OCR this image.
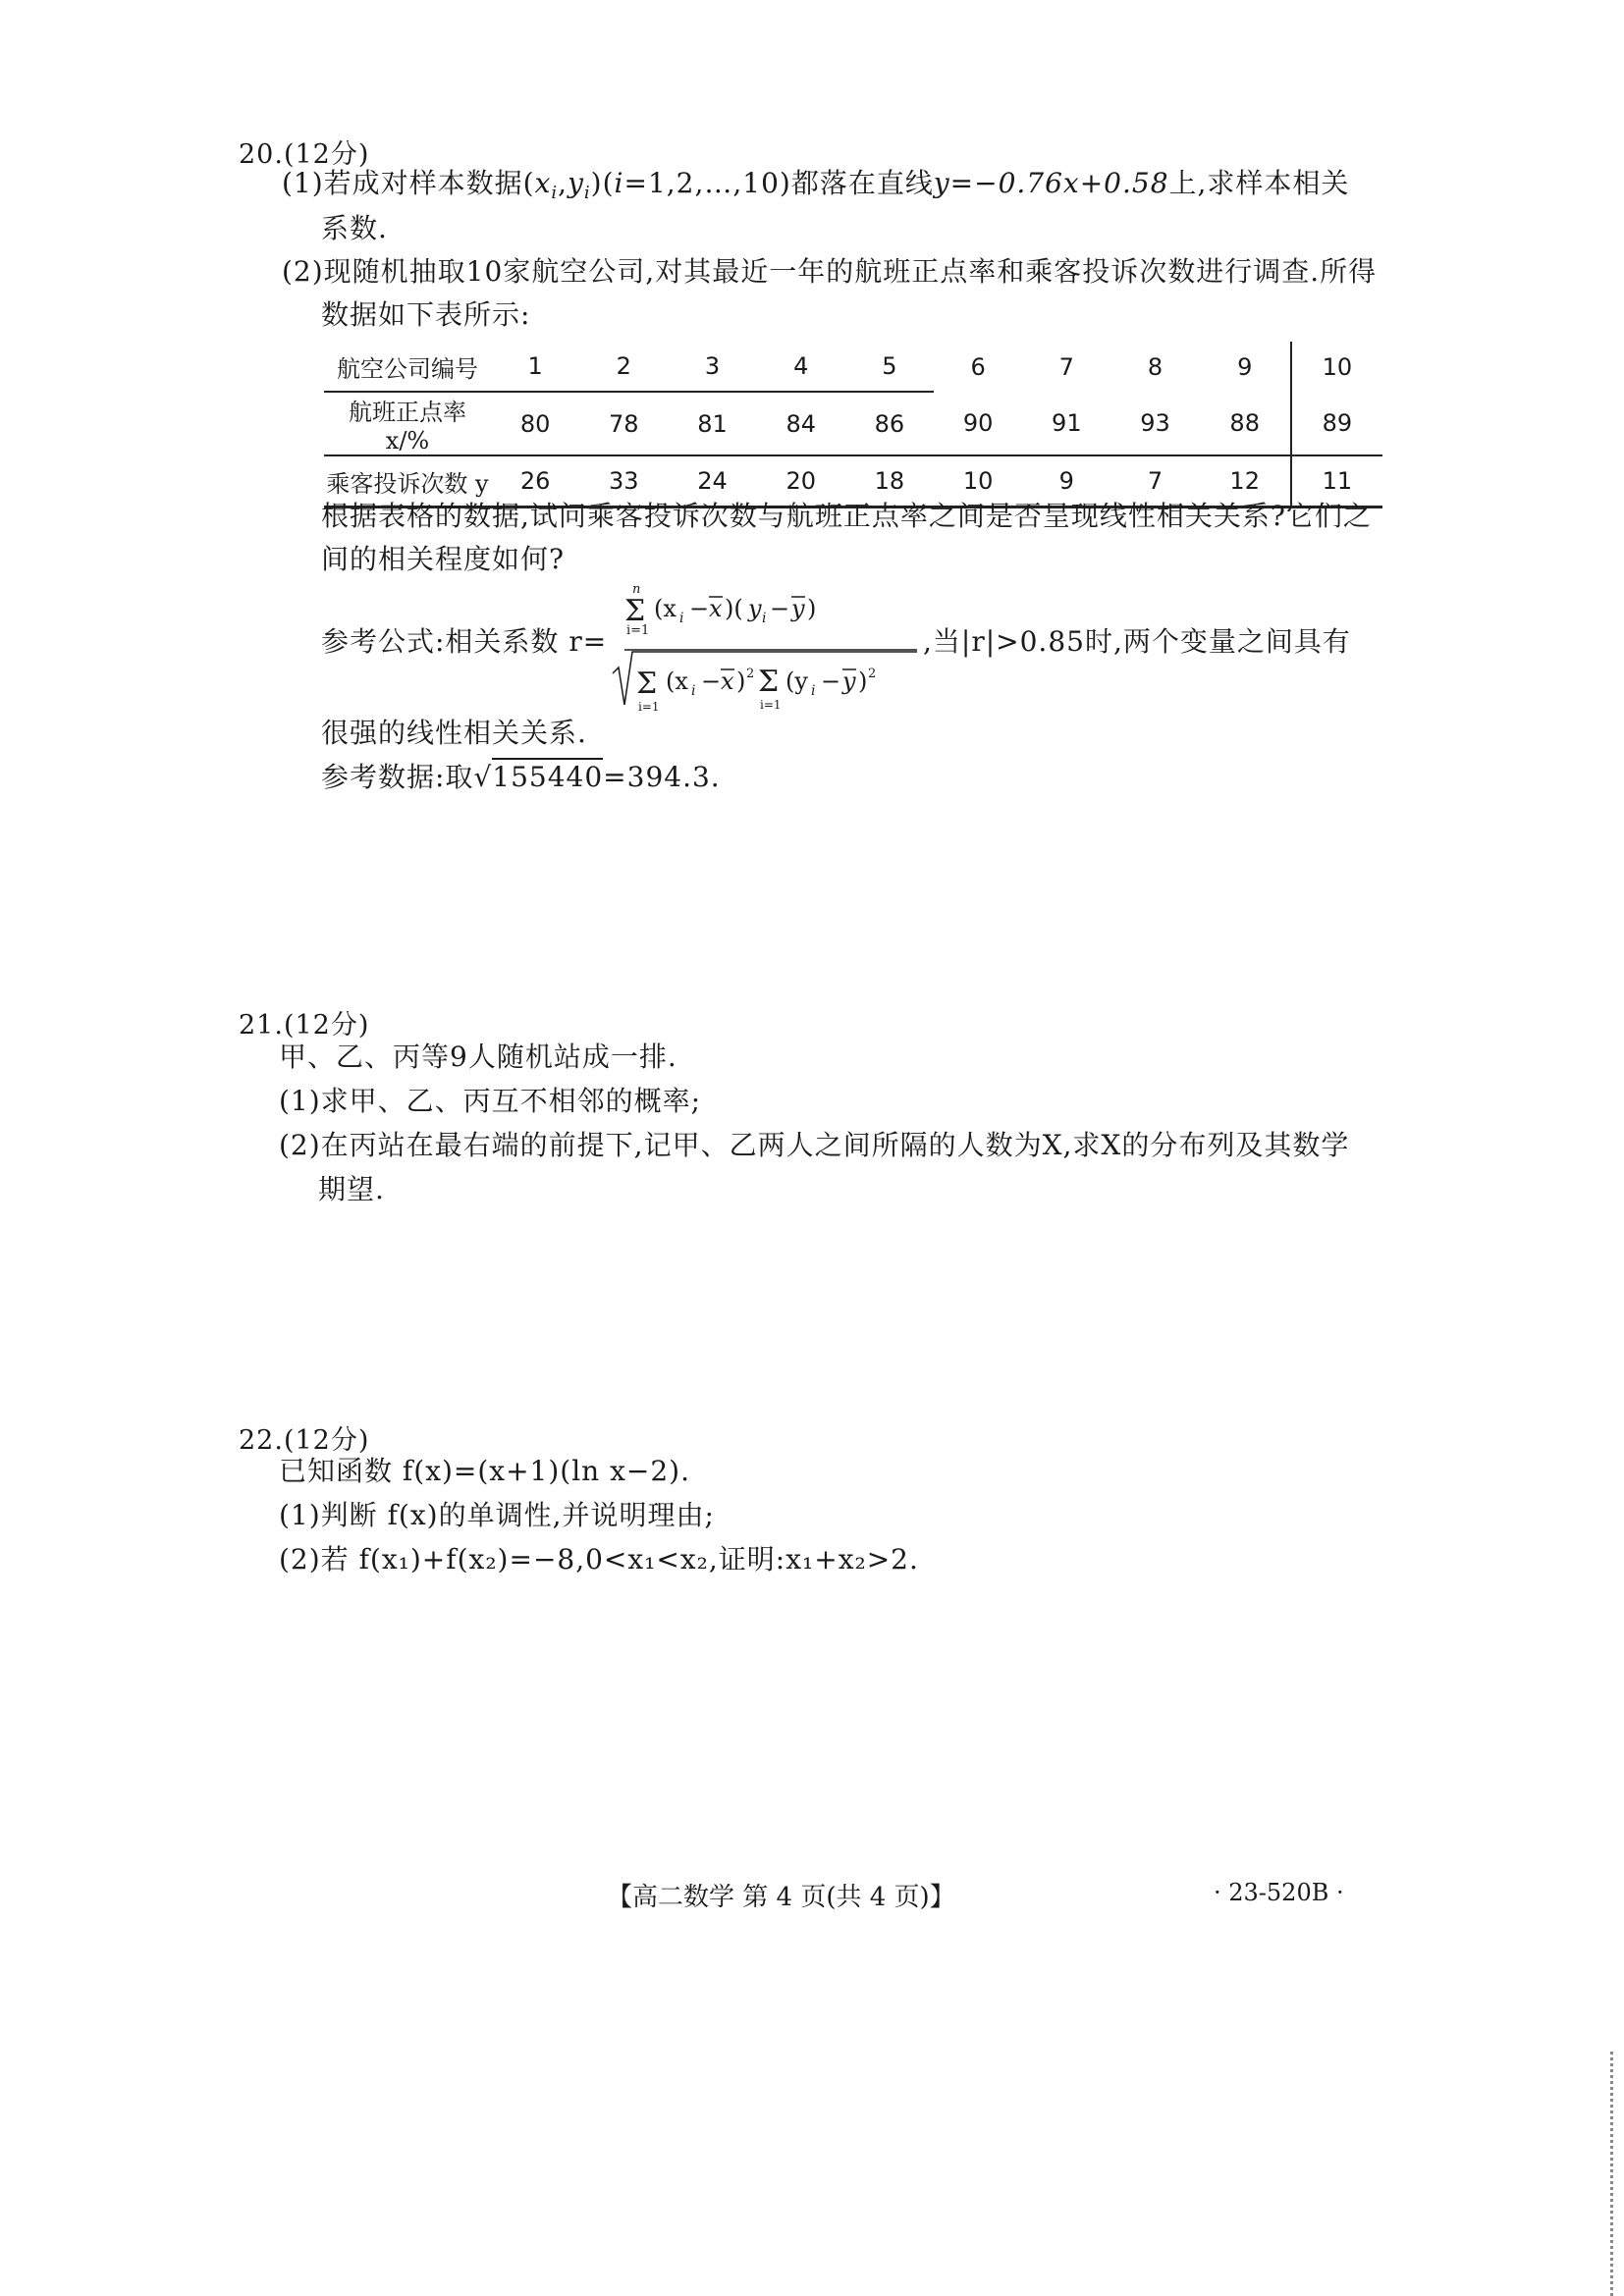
20.(12分)
(1)若成对样本数据$(x_i,y_i)(i=1,2,\dots,10)$都落在直线y=−0.76x+0.58上,求样本相关
系数.
(2)现随机抽取10家航空公司,对其最近一年的航班正点率和乘客投诉次数进行调查.所得
数据如下表所示:
航空公司编号	1	2	3	4	5	6	7	8	9	10
航班正点率 x/%	80	78	81	84	86	90	91	93	88	89
乘客投诉次数 y	26	33	24	20	18	10	9	7	12	11
根据表格的数据,试问乘客投诉次数与航班正点率之间是否呈现线性相关关系?它们之
间的相关程度如何?
参考公式:相关系数 r=
n
Σ
i=1
(x i − x )( y i − y )
Σ
i=1
(x i − x ) 2 Σ
i=1
(y i − y ) 2
,当|r|>0.85时,两个变量之间具有
很强的线性相关关系.
参考数据:取√155440=394.3.
21.(12分)
甲、乙、丙等9人随机站成一排.
(1)求甲、乙、丙互不相邻的概率;
(2)在丙站在最右端的前提下,记甲、乙两人之间所隔的人数为X,求X的分布列及其数学
期望.
22.(12分)
已知函数 f(x)=(x+1)(ln x−2).
(1)判断 f(x)的单调性,并说明理由;
(2)若 f(x₁)+f(x₂)=−8,0<x₁<x₂,证明:x₁+x₂>2.
【高二数学 第 4 页(共 4 页)】	· 23-520B ·
